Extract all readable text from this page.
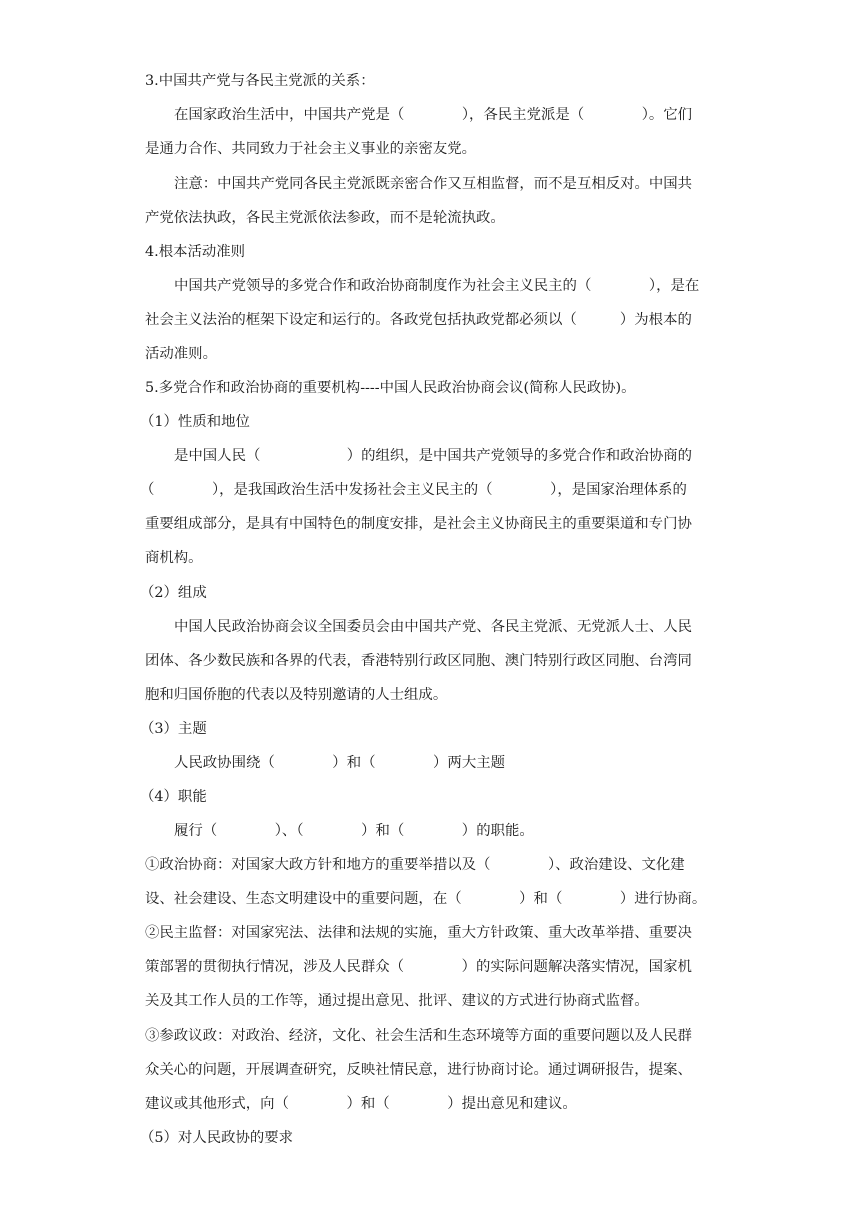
3.中国共产党与各民主党派的关系：
在国家政治生活中，中国共产党是（　　　　），各民主党派是（　　　　）。它们
是通力合作、共同致力于社会主义事业的亲密友党。
注意：中国共产党同各民主党派既亲密合作又互相监督，而不是互相反对。中国共
产党依法执政，各民主党派依法参政，而不是轮流执政。
4.根本活动准则
中国共产党领导的多党合作和政治协商制度作为社会主义民主的（　　　　），是在
社会主义法治的框架下设定和运行的。各政党包括执政党都必须以（　　　）为根本的
活动准则。
5.多党合作和政治协商的重要机构----中国人民政治协商会议(简称人民政协)。
（1）性质和地位
是中国人民（　　　　　　）的组织，是中国共产党领导的多党合作和政治协商的
（　　　　），是我国政治生活中发扬社会主义民主的（　　　　），是国家治理体系的
重要组成部分，是具有中国特色的制度安排，是社会主义协商民主的重要渠道和专门协
商机构。
（2）组成
中国人民政治协商会议全国委员会由中国共产党、各民主党派、无党派人士、人民
团体、各少数民族和各界的代表，香港特别行政区同胞、澳门特别行政区同胞、台湾同
胞和归国侨胞的代表以及特别邀请的人士组成。
（3）主题
人民政协围绕（　　　　）和（　　　　）两大主题
（4）职能
履行（　　　　）、（　　　　）和（　　　　）的职能。
①政治协商：对国家大政方针和地方的重要举措以及（　　　　）、政治建设、文化建
设、社会建设、生态文明建设中的重要问题，在（　　　　）和（　　　　）进行协商。
②民主监督：对国家宪法、法律和法规的实施，重大方针政策、重大改革举措、重要决
策部署的贯彻执行情况，涉及人民群众（　　　　）的实际问题解决落实情况，国家机
关及其工作人员的工作等，通过提出意见、批评、建议的方式进行协商式监督。
③参政议政：对政治、经济，文化、社会生活和生态环境等方面的重要问题以及人民群
众关心的问题，开展调查研究，反映社情民意，进行协商讨论。通过调研报告，提案、
建议或其他形式，向（　　　　）和（　　　　）提出意见和建议。
（5）对人民政协的要求
